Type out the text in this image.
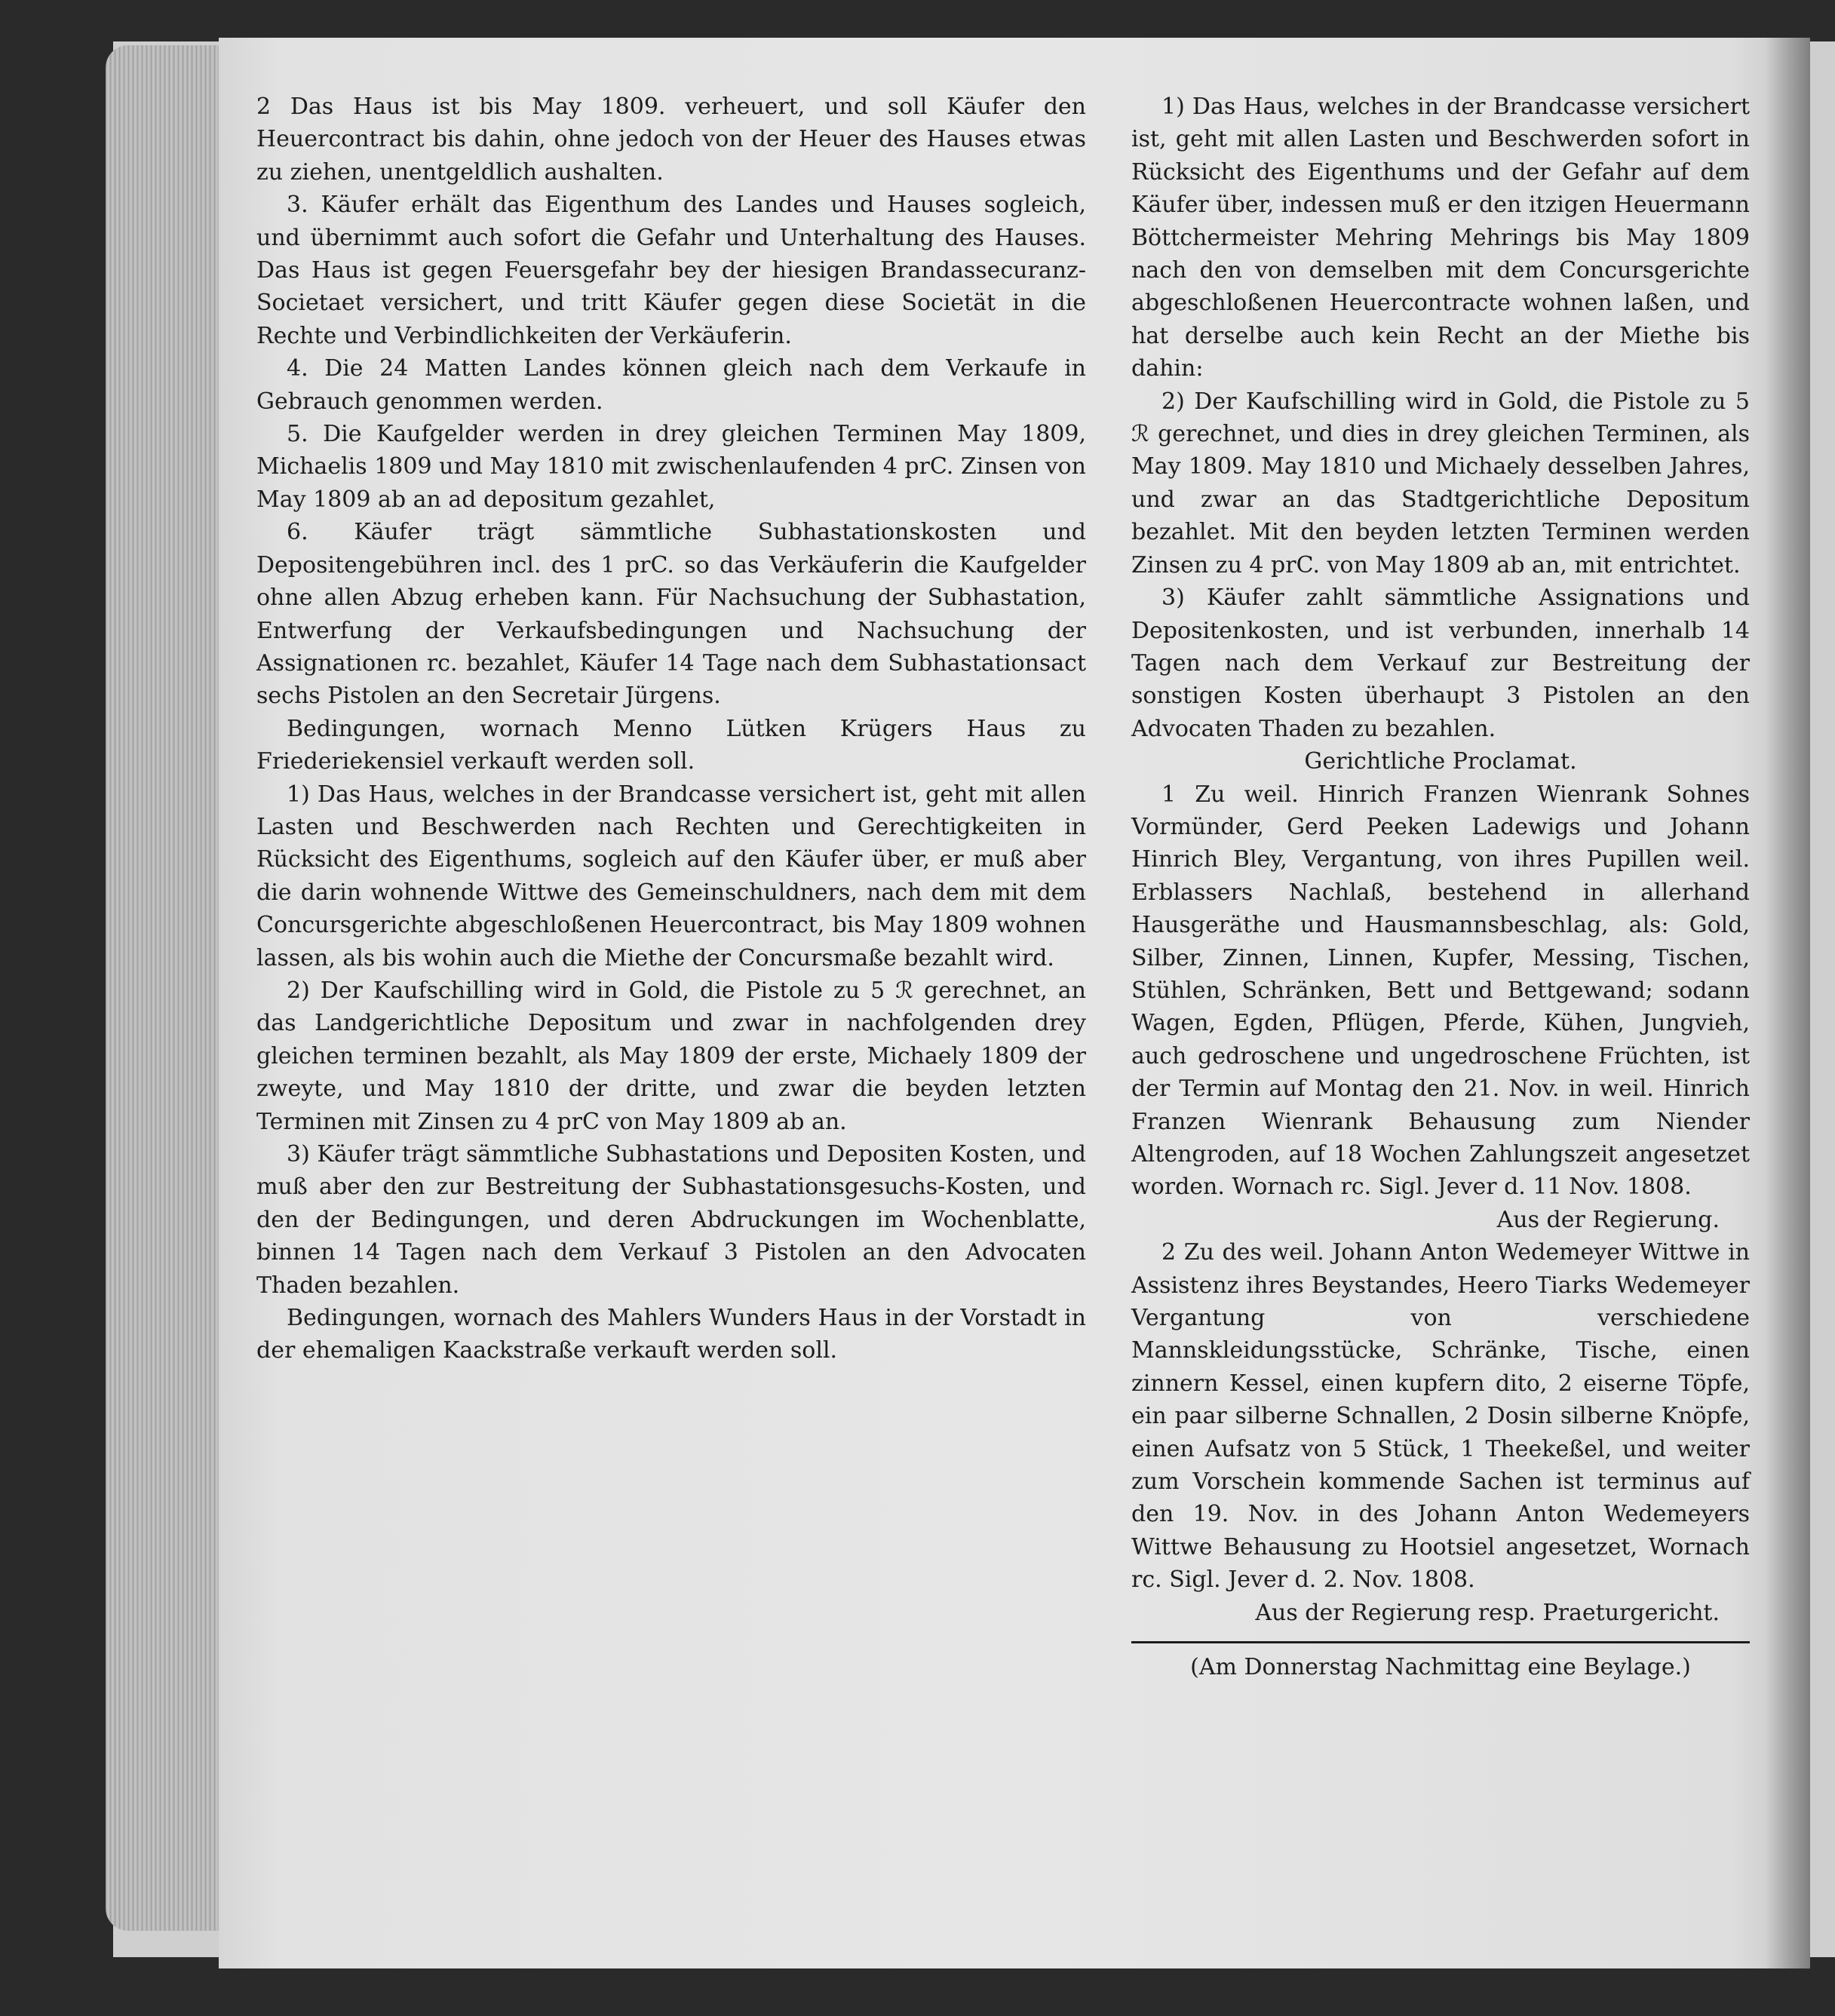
2 Das Haus ist bis May 1809. verheuert, und soll Käufer den Heuercontract bis dahin, ohne jedoch von der Heuer des Hauses etwas zu ziehen, unentgeldlich aushalten.

3. Käufer erhält das Eigenthum des Landes und Hauses sogleich, und übernimmt auch sofort die Gefahr und Unterhaltung des Hauses. Das Haus ist gegen Feuersgefahr bey der hiesigen Brandassecuranz-Societaet versichert, und tritt Käufer gegen diese Societät in die Rechte und Verbindlichkeiten der Verkäuferin.

4. Die 24 Matten Landes können gleich nach dem Verkaufe in Gebrauch genommen werden.

5. Die Kaufgelder werden in drey gleichen Terminen May 1809, Michaelis 1809 und May 1810 mit zwischenlaufenden 4 prC. Zinsen von May 1809 ab an ad depositum gezahlet,

6. Käufer trägt sämmtliche Subhastationskosten und Depositengebühren incl. des 1 prC. so das Verkäuferin die Kaufgelder ohne allen Abzug erheben kann. Für Nachsuchung der Subhastation, Entwerfung der Verkaufsbedingungen und Nachsuchung der Assignationen rc. bezahlet, Käufer 14 Tage nach dem Subhastationsact sechs Pistolen an den Secretair Jürgens.

Bedingungen, wornach Menno Lütken Krügers Haus zu Friederiekensiel verkauft werden soll.

1) Das Haus, welches in der Brandcasse versichert ist, geht mit allen Lasten und Beschwerden nach Rechten und Gerechtigkeiten in Rücksicht des Eigenthums, sogleich auf den Käufer über, er muß aber die darin wohnende Wittwe des Gemeinschuldners, nach dem mit dem Concursgerichte abgeschloßenen Heuercontract, bis May 1809 wohnen lassen, als bis wohin auch die Miethe der Concursmaße bezahlt wird.

2) Der Kaufschilling wird in Gold, die Pistole zu 5 ℛ gerechnet, an das Landgerichtliche Depositum und zwar in nachfolgenden drey gleichen terminen bezahlt, als May 1809 der erste, Michaely 1809 der zweyte, und May 1810 der dritte, und zwar die beyden letzten Terminen mit Zinsen zu 4 prC von May 1809 ab an.

3) Käufer trägt sämmtliche Subhastations und Depositen Kosten, und muß aber den zur Bestreitung der Subhastationsgesuchs-Kosten, und den der Bedingungen, und deren Abdruckungen im Wochenblatte, binnen 14 Tagen nach dem Verkauf 3 Pistolen an den Advocaten Thaden bezahlen.

Bedingungen, wornach des Mahlers Wunders Haus in der Vorstadt in der ehemaligen Kaackstraße verkauft werden soll.

1) Das Haus, welches in der Brandcasse versichert ist, geht mit allen Lasten und Beschwerden sofort in Rücksicht des Eigenthums und der Gefahr auf dem Käufer über, indessen muß er den itzigen Heuermann Böttchermeister Mehring Mehrings bis May 1809 nach den von demselben mit dem Concursgerichte abgeschloßenen Heuercontracte wohnen laßen, und hat derselbe auch kein Recht an der Miethe bis dahin:

2) Der Kaufschilling wird in Gold, die Pistole zu 5 ℛ gerechnet, und dies in drey gleichen Terminen, als May 1809. May 1810 und Michaely desselben Jahres, und zwar an das Stadtgerichtliche Depositum bezahlet. Mit den beyden letzten Terminen werden Zinsen zu 4 prC. von May 1809 ab an, mit entrichtet.

3) Käufer zahlt sämmtliche Assignations und Depositenkosten, und ist verbunden, innerhalb 14 Tagen nach dem Verkauf zur Bestreitung der sonstigen Kosten überhaupt 3 Pistolen an den Advocaten Thaden zu bezahlen.

Gerichtliche Proclamat.

1 Zu weil. Hinrich Franzen Wienrank Sohnes Vormünder, Gerd Peeken Ladewigs und Johann Hinrich Bley, Vergantung, von ihres Pupillen weil. Erblassers Nachlaß, bestehend in allerhand Hausgeräthe und Hausmannsbeschlag, als: Gold, Silber, Zinnen, Linnen, Kupfer, Messing, Tischen, Stühlen, Schränken, Bett und Bettgewand; sodann Wagen, Egden, Pflügen, Pferde, Kühen, Jungvieh, auch gedroschene und ungedroschene Früchten, ist der Termin auf Montag den 21. Nov. in weil. Hinrich Franzen Wienrank Behausung zum Niender Altengroden, auf 18 Wochen Zahlungszeit angesetzet worden. Wornach rc. Sigl. Jever d. 11 Nov. 1808.

Aus der Regierung.

2 Zu des weil. Johann Anton Wedemeyer Wittwe in Assistenz ihres Beystandes, Heero Tiarks Wedemeyer Vergantung von verschiedene Mannskleidungsstücke, Schränke, Tische, einen zinnern Kessel, einen kupfern dito, 2 eiserne Töpfe, ein paar silberne Schnallen, 2 Dosin silberne Knöpfe, einen Aufsatz von 5 Stück, 1 Theekeßel, und weiter zum Vorschein kommende Sachen ist terminus auf den 19. Nov. in des Johann Anton Wedemeyers Wittwe Behausung zu Hootsiel angesetzet, Wornach rc. Sigl. Jever d. 2. Nov. 1808.

Aus der Regierung resp. Praeturgericht.

(Am Donnerstag Nachmittag eine Beylage.)
